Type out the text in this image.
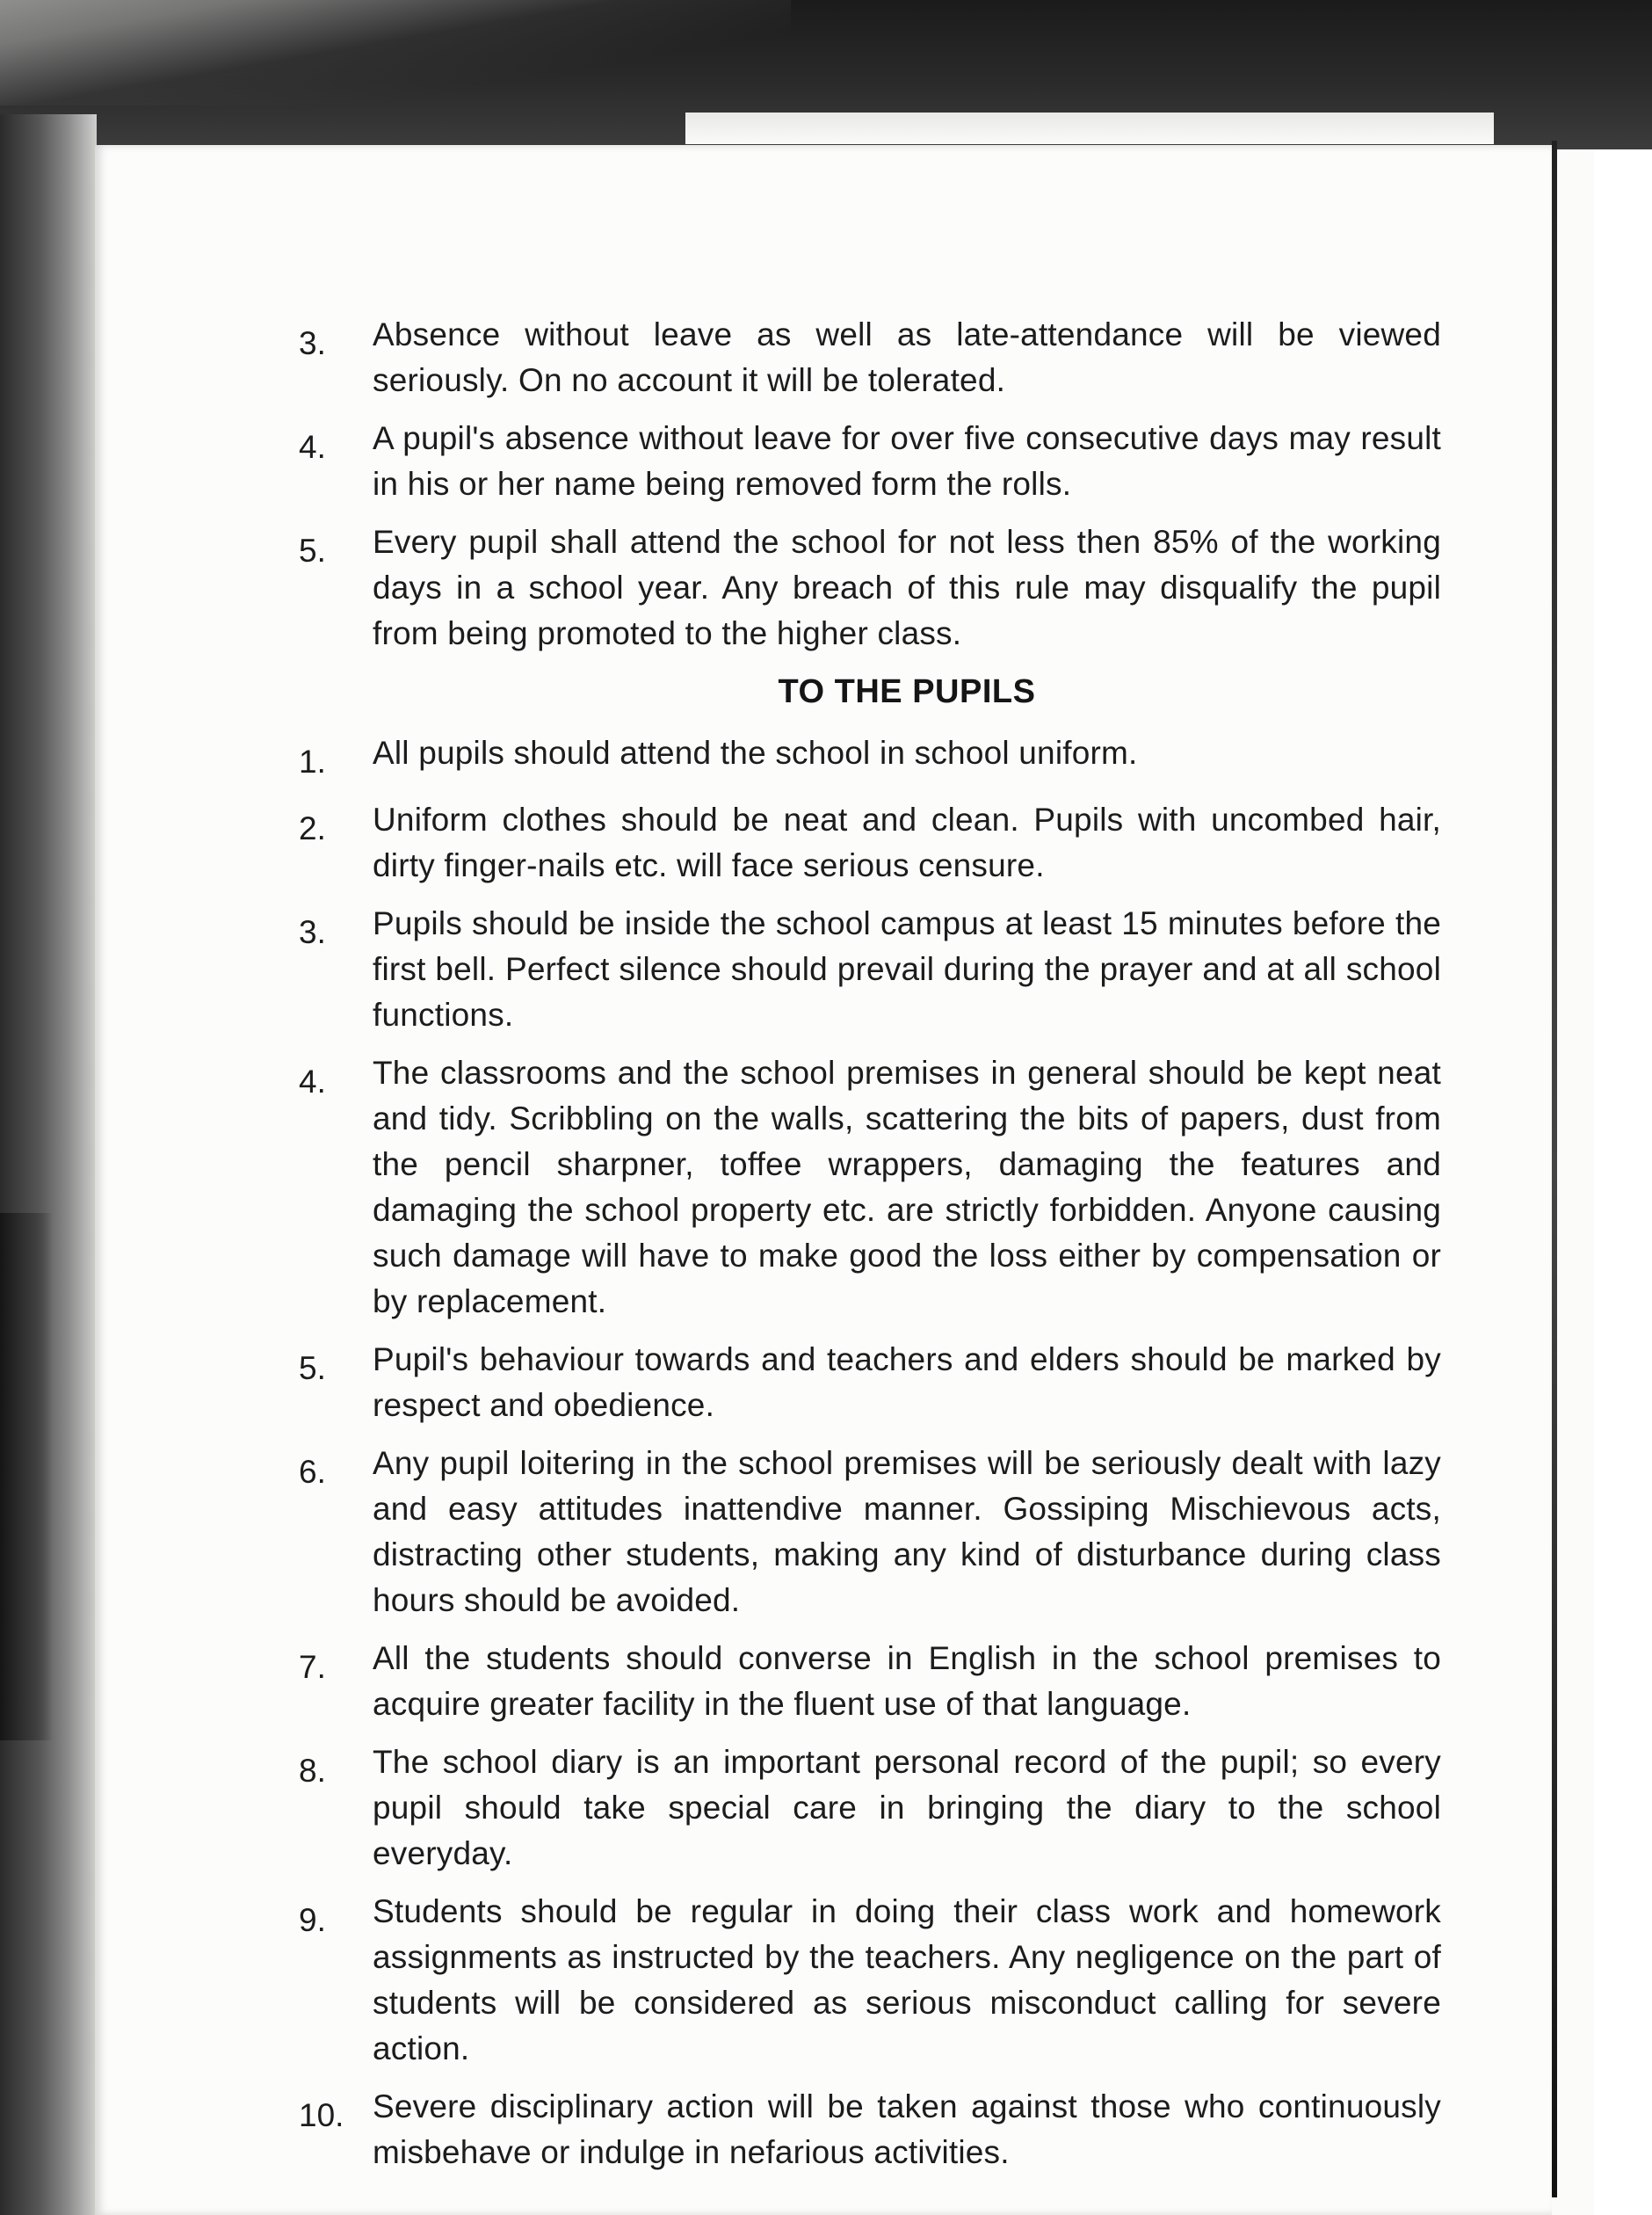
3.	Absence without leave as well as late-attendance will be viewed seriously. On no account it will be tolerated.
4.	A pupil's absence without leave for over five consecutive days may result in his or her name being removed form the rolls.
5.	Every pupil shall attend the school for not less then 85% of the working days in a school year. Any breach of this rule may disqualify the pupil from being promoted to the higher class.
TO THE PUPILS
1.	All pupils should attend the school in school uniform.
2.	Uniform clothes should be neat and clean. Pupils with uncombed hair, dirty finger-nails etc. will face serious censure.
3.	Pupils should be inside the school campus at least 15 minutes before the first bell. Perfect silence should prevail during the prayer and at all school functions.
4.	The classrooms and the school premises in general should be kept neat and tidy. Scribbling on the walls, scattering the bits of papers, dust from the pencil sharpner, toffee wrappers, damaging the features and damaging the school property etc. are strictly forbidden. Anyone causing such damage will have to make good the loss either by compensation or by replacement.
5.	Pupil's behaviour towards and teachers and elders should be marked by respect and obedience.
6.	Any pupil loitering in the school premises will be seriously dealt with lazy and easy attitudes inattendive manner. Gossiping Mischievous acts, distracting other students, making any kind of disturbance during class hours should be avoided.
7.	All the students should converse in English in the school premises to acquire greater facility in the fluent use of that language.
8.	The school diary is an important personal record of the pupil; so every pupil should take special care in bringing the diary to the school everyday.
9.	Students should be regular in doing their class work and homework assignments as instructed by the teachers. Any negligence on the part of students will be considered as serious misconduct calling for severe action.
10. Severe disciplinary action will be taken against those who continuously misbehave or indulge in nefarious activities.
